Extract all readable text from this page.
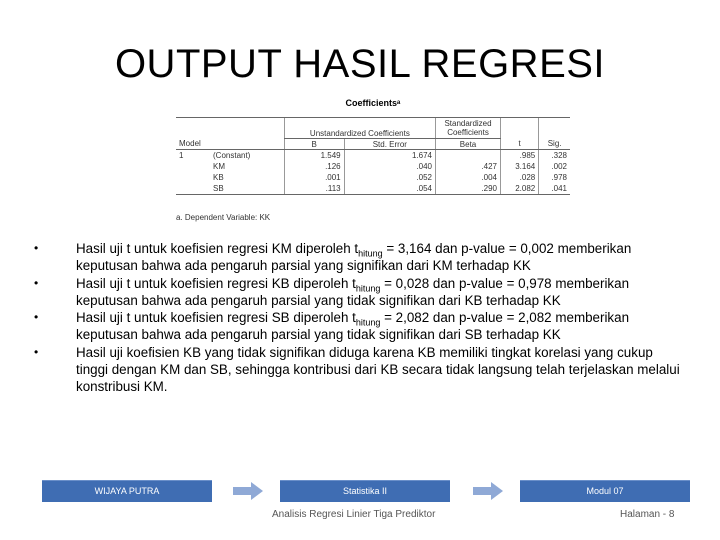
OUTPUT HASIL REGRESI
Coefficientsᵃ
		Unstandardized Coefficients		Standardized Coefficients		
Model		B	Std. Error	Beta	t	Sig.
1	(Constant)	1.549	1.674		.985	.328
	KM	.126	.040	.427	3.164	.002
	KB	.001	.052	.004	.028	.978
	SB	.113	.054	.290	2.082	.041
a. Dependent Variable: KK
•	Hasil uji t untuk koefisien regresi KM diperoleh $t_{hitung} = 3,164$ dan p-value = 0,002 memberikan keputusan bahwa ada pengaruh parsial yang signifikan dari KM terhadap KK
•	Hasil uji t untuk koefisien regresi KB diperoleh $t_{hitung} = 0,028$ dan p-value = 0,978 memberikan keputusan bahwa ada pengaruh parsial yang tidak signifikan dari KB terhadap KK
•	Hasil uji t untuk koefisien regresi SB diperoleh $t_{hitung} = 2,082$ dan p-value = 2,082 memberikan keputusan bahwa ada pengaruh parsial yang tidak signifikan dari SB terhadap KK
•	Hasil uji koefisien KB yang tidak signifikan diduga karena KB memiliki tingkat korelasi yang cukup tinggi dengan KM dan SB, sehingga kontribusi dari KB secara tidak langsung telah terjelaskan melalui konstribusi KM.
WIJAYA PUTRA	Statistika II	Modul 07
Analisis Regresi Linier Tiga Prediktor	Halaman - 8
